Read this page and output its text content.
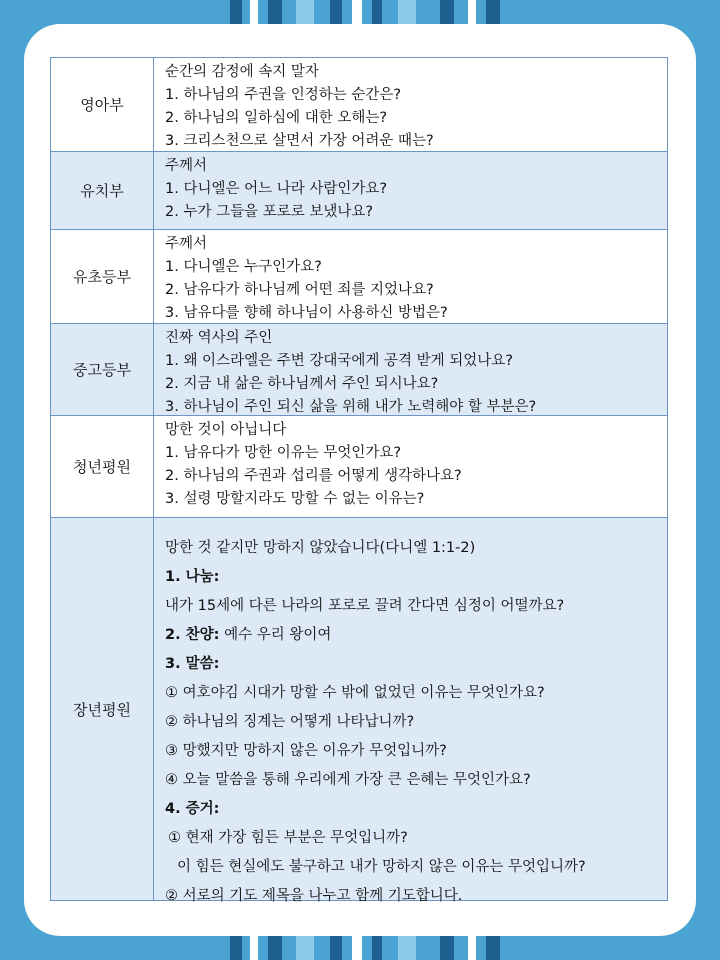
영아부
순간의 감정에 속지 말자
1. 하나님의 주권을 인정하는 순간은?
2. 하나님의 일하심에 대한 오해는?
3. 크리스천으로 살면서 가장 어려운 때는?
유치부
주께서
1. 다니엘은 어느 나라 사람인가요?
2. 누가 그들을 포로로 보냈나요?
유초등부
주께서
1. 다니엘은 누구인가요?
2. 남유다가 하나님께 어떤 죄를 지었나요?
3. 남유다를 향해 하나님이 사용하신 방법은?
중고등부
진짜 역사의 주인
1. 왜 이스라엘은 주변 강대국에게 공격 받게 되었나요?
2. 지금 내 삶은 하나님께서 주인 되시나요?
3. 하나님이 주인 되신 삶을 위해 내가 노력해야 할 부분은?
청년평원
망한 것이 아닙니다
1. 남유다가 망한 이유는 무엇인가요?
2. 하나님의 주권과 섭리를 어떻게 생각하나요?
3. 설령 망할지라도 망할 수 없는 이유는?
장년평원
망한 것 같지만 망하지 않았습니다(다니엘 1:1-2)
1. 나눔:
내가 15세에 다른 나라의 포로로 끌려 간다면 심정이 어떨까요?
2. 찬양: 예수 우리 왕이여
3. 말씀:
① 여호야김 시대가 망할 수 밖에 없었던 이유는 무엇인가요?
② 하나님의 징계는 어떻게 나타납니까?
③ 망했지만 망하지 않은 이유가 무엇입니까?
④ 오늘 말씀을 통해 우리에게 가장 큰 은혜는 무엇인가요?
4. 증거:
① 현재 가장 힘든 부분은 무엇입니까?
이 힘든 현실에도 불구하고 내가 망하지 않은 이유는 무엇입니까?
② 서로의 기도 제목을 나누고 함께 기도합니다.
